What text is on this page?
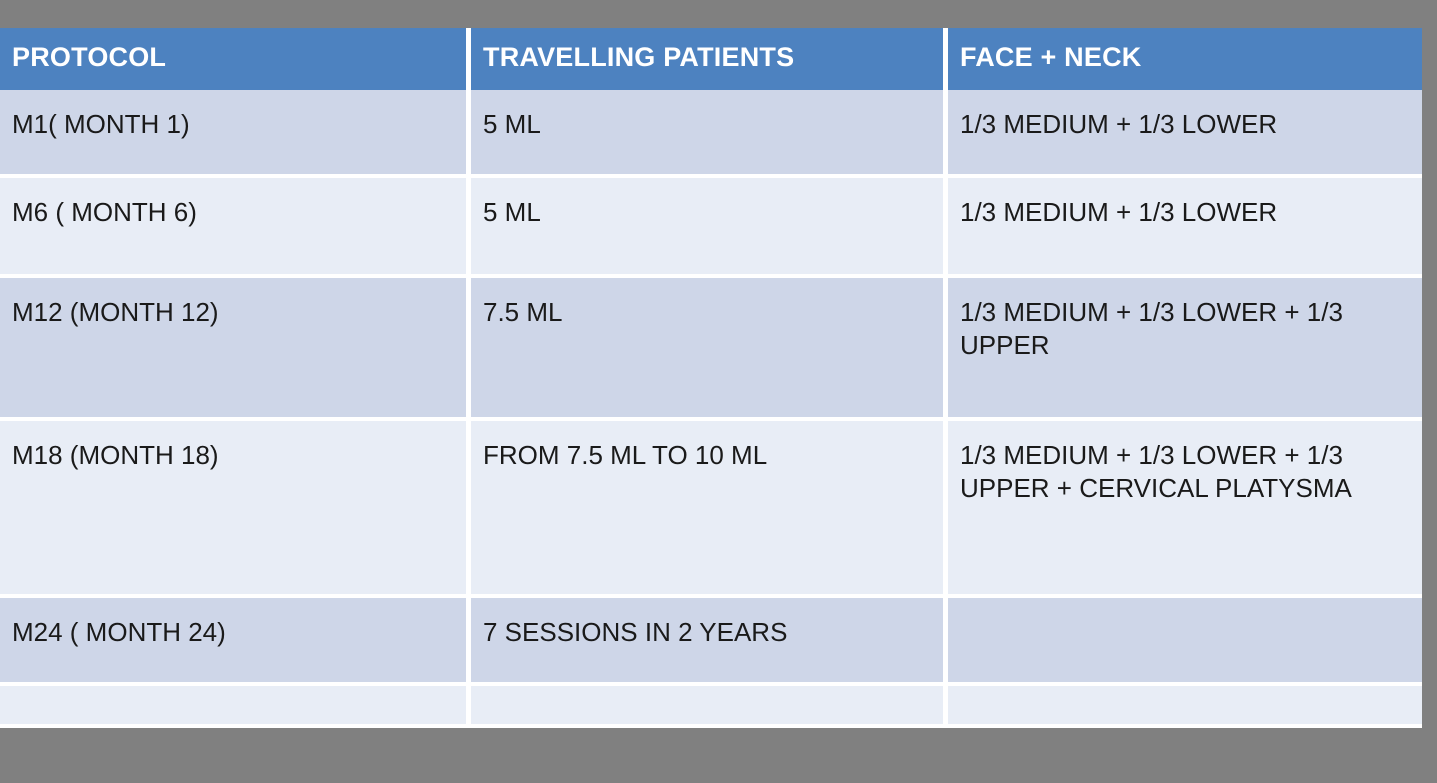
PROTOCOL	TRAVELLING PATIENTS	FACE + NECK
M1( MONTH 1)	5 ML	1/3 MEDIUM + 1/3 LOWER
M6 ( MONTH 6)	5 ML	1/3 MEDIUM + 1/3 LOWER
M12 (MONTH 12)	7.5 ML	1/3 MEDIUM + 1/3 LOWER + 1/3 UPPER
M18 (MONTH 18)	FROM 7.5 ML TO 10 ML	1/3 MEDIUM + 1/3 LOWER + 1/3 UPPER + CERVICAL PLATYSMA
M24 ( MONTH 24)	7 SESSIONS IN 2 YEARS	
